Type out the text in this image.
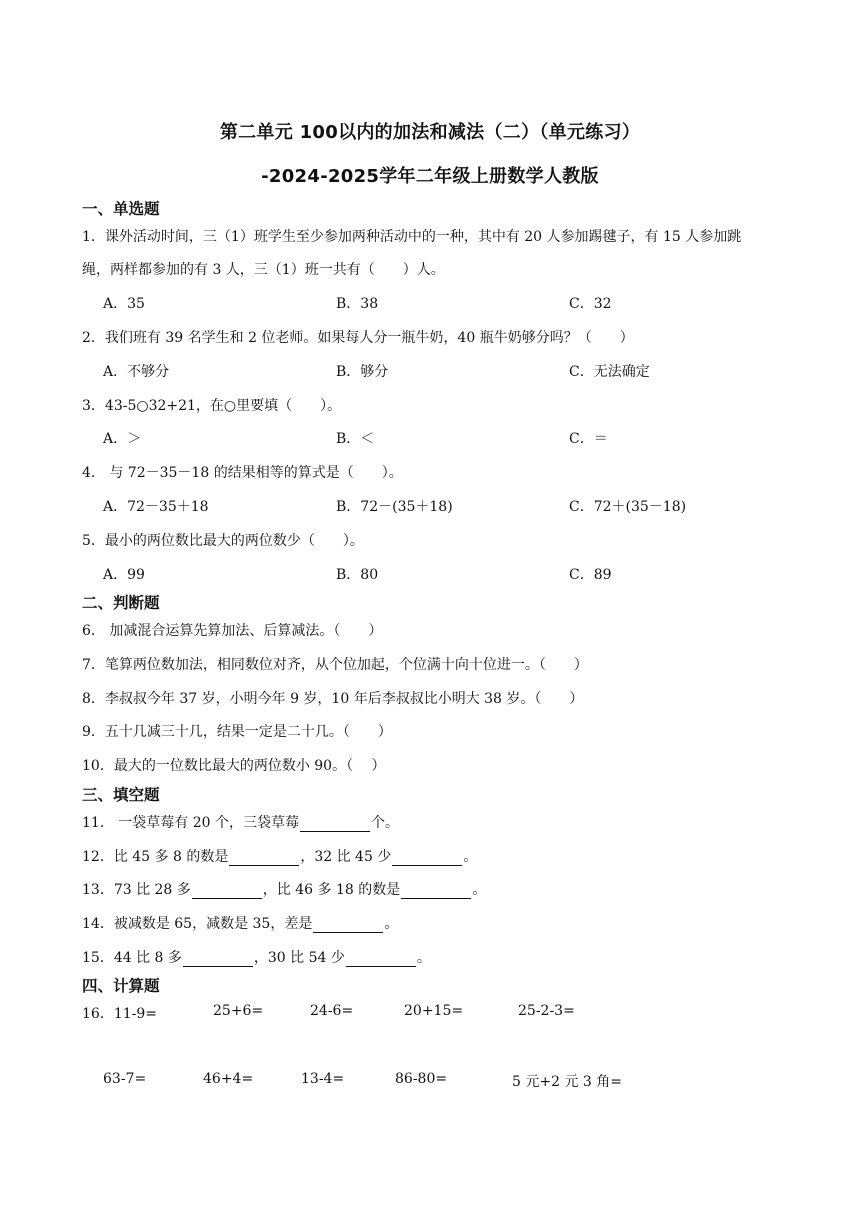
第二单元 100以内的加法和减法（二）（单元练习）
-2024-2025学年二年级上册数学人教版
一、单选题
1．课外活动时间，三（1）班学生至少参加两种活动中的一种，其中有 20 人参加踢毽子，有 15 人参加跳
绳，两样都参加的有 3 人，三（1）班一共有（　　）人。
A．35	B．38	C．32
2．我们班有 39 名学生和 2 位老师。如果每人分一瓶牛奶，40 瓶牛奶够分吗？（　　）
A．不够分	B．够分	C．无法确定
3．43-5○32+21，在○里要填（　　）。
A．＞	B．＜	C．＝
4． 与 72－35－18 的结果相等的算式是（　　）。
A．72－35＋18	B．72－(35＋18)	C．72＋(35－18)
5．最小的两位数比最大的两位数少（　　）。
A．99	B．80	C．89
二、判断题
6． 加减混合运算先算加法、后算减法。（　　）
7．笔算两位数加法，相同数位对齐，从个位加起，个位满十向十位进一。（　　）
8．李叔叔今年 37 岁，小明今年 9 岁，10 年后李叔叔比小明大 38 岁。（　　）
9．五十几减三十几，结果一定是二十几。（　　）
10．最大的一位数比最大的两位数小 90。（　 ）
三、填空题
11． 一袋草莓有 20 个，三袋草莓	个。
12．比 45 多 8 的数是	，32 比 45 少	。
13．73 比 28 多	，比 46 多 18 的数是	。
14．被减数是 65，减数是 35，差是	。
15．44 比 8 多	，30 比 54 少	。
四、计算题
16．11-9=	25+6=	24-6=	20+15=	25-2-3=
63-7=	46+4=	13-4=	86-80=	5 元+2 元 3 角=
